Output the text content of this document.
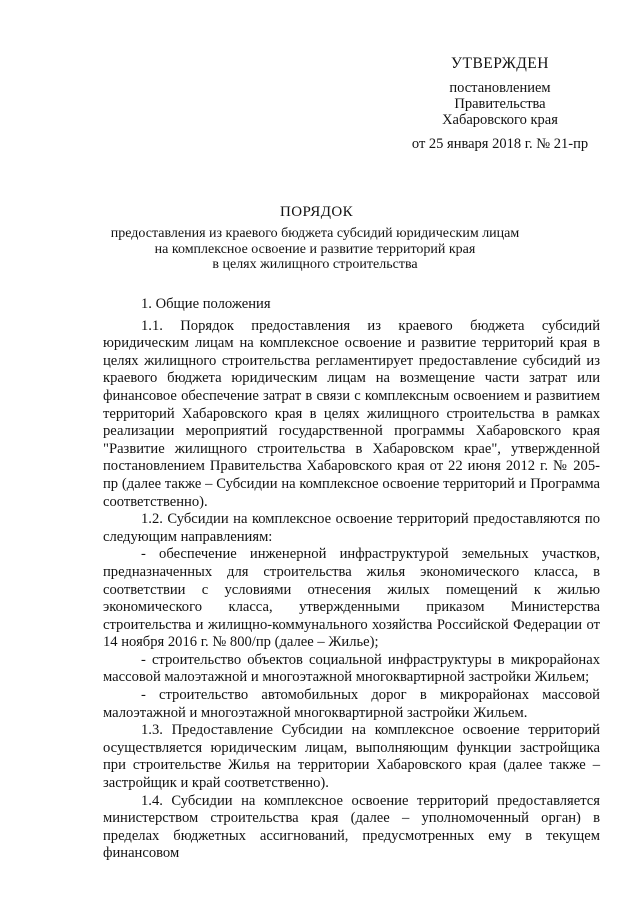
УТВЕРЖДЕН
постановлением
Правительства
Хабаровского края
от 25 января 2018 г. № 21-пр
ПОРЯДОК
предоставления из краевого бюджета субсидий юридическим лицам
на комплексное освоение и развитие территорий края
в целях жилищного строительства
1. Общие положения

1.1. Порядок предоставления из краевого бюджета субсидий юридическим лицам на комплексное освоение и развитие территорий края в целях жилищного строительства регламентирует предоставление субсидий из краевого бюджета юридическим лицам на возмещение части затрат или финансовое обеспечение затрат в связи с комплексным освоением и развитием территорий Хабаровского края в целях жилищного строительства в рамках реализации мероприятий государственной программы Хабаровского края "Развитие жилищного строительства в Хабаровском крае", утвержденной постановлением Правительства Хабаровского края от 22 июня 2012 г. № 205-пр (далее также – Субсидии на комплексное освоение территорий и Программа соответственно).

1.2. Субсидии на комплексное освоение территорий предоставляются по следующим направлениям:

- обеспечение инженерной инфраструктурой земельных участков, предназначенных для строительства жилья экономического класса, в соответствии с условиями отнесения жилых помещений к жилью экономического класса, утвержденными приказом Министерства строительства и жилищно-коммунального хозяйства Российской Федерации от 14 ноября 2016 г. № 800/пр (далее – Жилье);

- строительство объектов социальной инфраструктуры в микрорайонах массовой малоэтажной и многоэтажной многоквартирной застройки Жильем;

- строительство автомобильных дорог в микрорайонах массовой малоэтажной и многоэтажной многоквартирной застройки Жильем.

1.3. Предоставление Субсидии на комплексное освоение территорий осуществляется юридическим лицам, выполняющим функции застройщика при строительстве Жилья на территории Хабаровского края (далее также – застройщик и край соответственно).

1.4. Субсидии на комплексное освоение территорий предоставляется министерством строительства края (далее – уполномоченный орган) в пределах бюджетных ассигнований, предусмотренных ему в текущем финансовом
